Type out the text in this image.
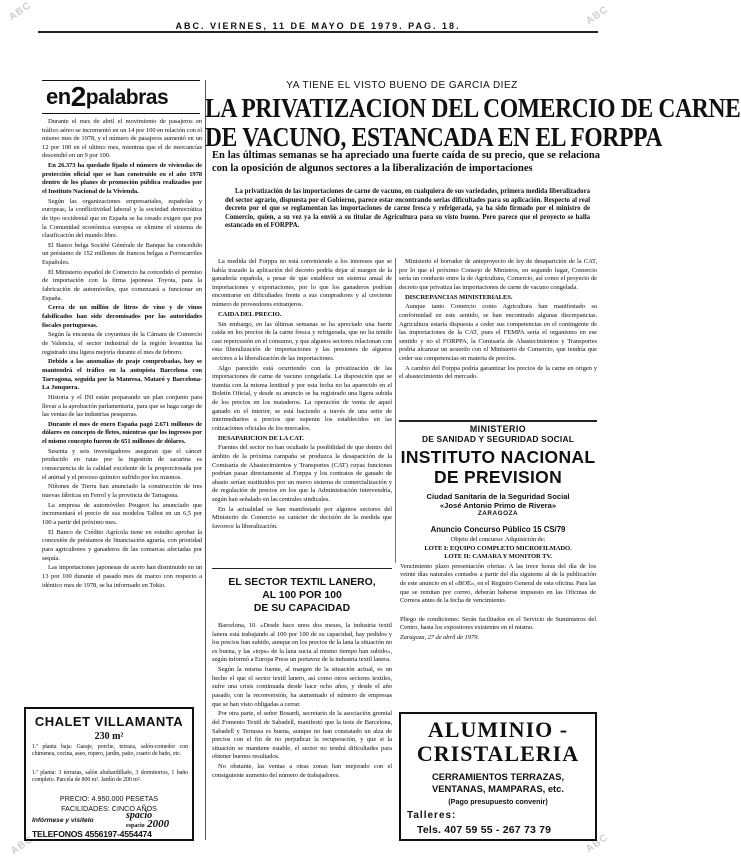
ABC	ABC
ABC	ABC
ABC. VIERNES, 11 DE MAYO DE 1979. PAG. 18.
en2palabras

Durante el mes de abril el movimiento de pasajeros en tráfico aéreo se incrementó en un 14 por 100 en relación con el mismo mes de 1978, y el número de pasajeros aumentó en un 12 por 100 en el ultimo mes, mientras que el de mercancías descendió en un 9 por 100.

En 26.373 ha quedado fijado el número de viviendas de protección oficial que se han construido en el año 1978 dentro de los planes de promoción pública realizados por el Instituto Nacional de la Vivienda.

Según las organizaciones empresariales, españolas y europeas, la conflictividad laboral y la sociedad democrática de tipo occidental que en España se ha creado exigen que por la Comunidad económica europea se elimine el sistema de clasificación del mundo libre.

El Banco belga Société Générale de Banque ha concedido un préstamo de 152 millones de francos belgas a Ferrocarriles Españoles.

El Ministerio español de Comercio ha concedido el permiso de importación con la firma japonesa Toyota, para la fabricación de automóviles, que comenzará a funcionar en España.

Cerca de un millón de litros de vino y de vinos falsificados han sido decomisados por las autoridades fiscales portuguesas.

Según la encuesta de coyuntura de la Cámara de Comercio de Valencia, el sector industrial de la región levantina ha registrado una ligera mejoría durante el mes de febrero.

Debido a las anomalías de peaje comprobadas, hoy se mantendrá el tráfico en la autopista Barcelona con Tarragona, seguida por la Manresa, Mataró y Barcelona-La Junquera.

Historia y el INI están preparando un plan conjunto para llevar a la aprobación parlamentaria, para que se haga cargo de las ventas de las industrias pesqueras.

Durante el mes de enero España pagó 2.671 millones de dólares en concepto de fletes, mientras que los ingresos por el mismo concepto fueron de 651 millones de dólares.

Sesenta y seis investigadores aseguran que el cáncer producido en ratas por la ingestión de sacarina es consecuencia de la calidad excelente de la proporcionada por el animal y el proceso químico sufrido por los mismos.

Niñones de Tierra han anunciado la construcción de tres nuevas fábricas en Ferrol y la provincia de Tarragona.

La empresa de automóviles Peugeot ha anunciado que incrementará el precio de sus modelos Talbot en un 6,5 por 100 a partir del próximo mes.

El Banco de Crédito Agrícola tiene en estudio aprobar la concesión de préstamos de financiación agraria, con prioridad para agricultores y ganaderos de las comarcas afectadas por sequía.

Las importaciones japonesas de acero han disminuido en un 13 por 100 durante el pasado mes de marzo con respecto a idéntico mes de 1978, se ha informado en Tokio.

CHALET VILLAMANTA
230 m²
1.ª planta baja: Garaje, porche, terraza, salón-comedor con chimenea, cocina, aseo, ropero, jardín, patio, cuarto de baño, etc.
1.ª planta: 3 terrazas, salón abuhardillado, 3 dormitorios, 1 baño completo. Parcela de 800 m². Jardín de 200 m².
PRECIO: 4.950.000 PESETAS
FACILIDADES: CINCO AÑOS
Infórmese y visítelo	spacio
espacio 2000
TELEFONOS 4556197-4554474
YA TIENE EL VISTO BUENO DE GARCIA DIEZ
LA PRIVATIZACION DEL COMERCIO DE CARNE
DE VACUNO, ESTANCADA EN EL FORPPA
En las últimas semanas se ha apreciado una fuerte caída de su precio, que se relaciona con la oposición de algunos sectores a la liberalización de importaciones
La privatización de las importaciones de carne de vacuno, en cualquiera de sus variedades, primera medida liberalizadora del sector agrario, dispuesta por el Gobierno, parece estar encontrando serias dificultades para su aplicación. Respecto al real decreto por el que se reglamentan las importaciones de carne fresca y refrigerada, ya ha sido firmado por el ministro de Comercio, quien, a su vez ya la envió a su titular de Agricultura para su visto bueno. Pero parece que el proyecto se halla estancado en el FORPPA.

La medida del Forppa no está conviniendo a los intereses que se había trazado la aplicación del decreto podría dejar al margen de la ganadería española, a pesar de que establece un sistema anual de importaciones y exportaciones, por lo que los ganaderos podrían encontrarse en dificultades frente a sus compradores y al creciente número de proveedores extranjeros.

CAIDA DEL PRECIO.

Sin embargo, en las últimas semanas se ha apreciado una fuerte caída en los precios de la carne fresca y refrigerada, que no ha tenido casi repercusión en el consumo, y que algunos sectores relacionan con esta liberalización de importaciones y las presiones de algunos sectores a la liberalización de las importaciones.

Algo parecido está ocurriendo con la privatización de las importaciones de carne de vacuno congelada. La disposición que se tramita con la misma lentitud y por esta fecha no ha aparecido en el Boletín Oficial, y desde su anuncio se ha registrado una ligera subida de los precios en los mataderos. La operación de venta de aquel ganado en el interior, se está haciendo a través de una serie de intermediarios a precios que superan los establecidos en las cotizaciones oficiales de los mercados.

DESAPARICION DE LA CAT.

Fuentes del sector no han ocultado la posibilidad de que dentro del ámbito de la próxima campaña se produzca la desaparición de la Comisaría de Abastecimientos y Transportes (CAT) cuyas funciones podrían pasar directamente al Forppa y los contratos de ganado de abasto serían sustituidos por un nuevo sistema de comercialización y de regulación de precios en los que la Administración intervendría, según han señalado en las centrales sindicales.

En la actualidad se han manifestado por algunos sectores del Ministerio de Comercio su carácter de decisión de la medida que favorece la liberalización.

Ministerio el borrador de anteproyecto de ley de desaparición de la CAT, por lo que el próximo Consejo de Ministros, en segundo lugar, Comercio sería un conducto entre la de Agricultura, Comercio, así como el proyecto de decreto que privatiza las importaciones de carne de vacuno congelada.

DISCREPANCIAS MINISTERIALES.

Aunque tanto Comercio como Agricultura han manifestado su conformidad en este sentido, se han encontrado algunas discrepancias. Agricultura estaría dispuesta a ceder sus competencias en el contingente de las importaciones de la CAT, pues el FEMPA sería el organismo en ese sentido y no el FORPPA, la Comisaría de Abastecimientos y Transportes podría alcanzar un acuerdo con el Ministerio de Comercio, que tendría que ceder sus competencias en materia de precios.

A cambio del Forppa podría garantizar los precios de la carne en origen y el abastecimiento del mercado.

EL SECTOR TEXTIL LANERO,
AL 100 POR 100
DE SU CAPACIDAD

Barcelona, 10. «Desde hace unos dos meses, la industria textil lanera está trabajando al 100 por 100 de su capacidad, hay pedidos y los precios han subido, aunque en los precios de la lana la situación no es buena, y las «tops» de la lana sucia al mismo tiempo han subido», según informó a Europa Press un portavoz de la industria textil lanera.

Según la misma fuente, al margen de la situación actual, es un hecho el que el sector textil lanero, así como otros sectores textiles, sufre una crisis continuada desde hace ocho años, y desde el año pasado, con la reconversión, ha aumentado el número de empresas que se han visto obligadas a cerrar.

Por otra parte, el señor Bosardi, secretario de la asociación gremial del Fomento Textil de Sabadell, manifestó que la tesis de Barcelona, Sabadell y Terrassa es buena, aunque no han constatado un alza de precios con el fin de no perjudicar la recuperación, y que si la situación se mantiene estable, el sector no tendrá dificultades para obtener buenos resultados.

No obstante, las ventas a otras zonas han mejorado con el consiguiente aumento del número de trabajadores.

MINISTERIO
DE SANIDAD Y SEGURIDAD SOCIAL
INSTITUTO NACIONAL
DE PREVISION
Ciudad Sanitaria de la Seguridad Social
«José Antonio Primo de Rivera»
ZARAGOZA
Anuncio Concurso Público 15 CS/79
Objeto del concurso: Adquisición de:
LOTE I: EQUIPO COMPLETO MICROFILMADO.
LOTE II: CAMARA Y MONITOR TV.
Vencimiento plazo presentación ofertas: A las trece horas del día de los veinte días naturales contados a partir del día siguiente al de la publicación de este anuncio en el «BOE», en el Registro General de esta oficina. Para las que se remitan por correo, deberán haberse impuesto en las Oficinas de Correos antes de la fecha de vencimiento.
Pliego de condiciones: Serán facilitados en el Servicio de Suministros del Centro, hasta los expositores existentes en el mismo.
Zaragoza, 27 de abril de 1979.
ALUMINIO -
CRISTALERIA
CERRAMIENTOS TERRAZAS,
VENTANAS, MAMPARAS, etc.
(Pago presupuesto convenir)
Talleres:
Tels. 407 59 55 - 267 73 79
